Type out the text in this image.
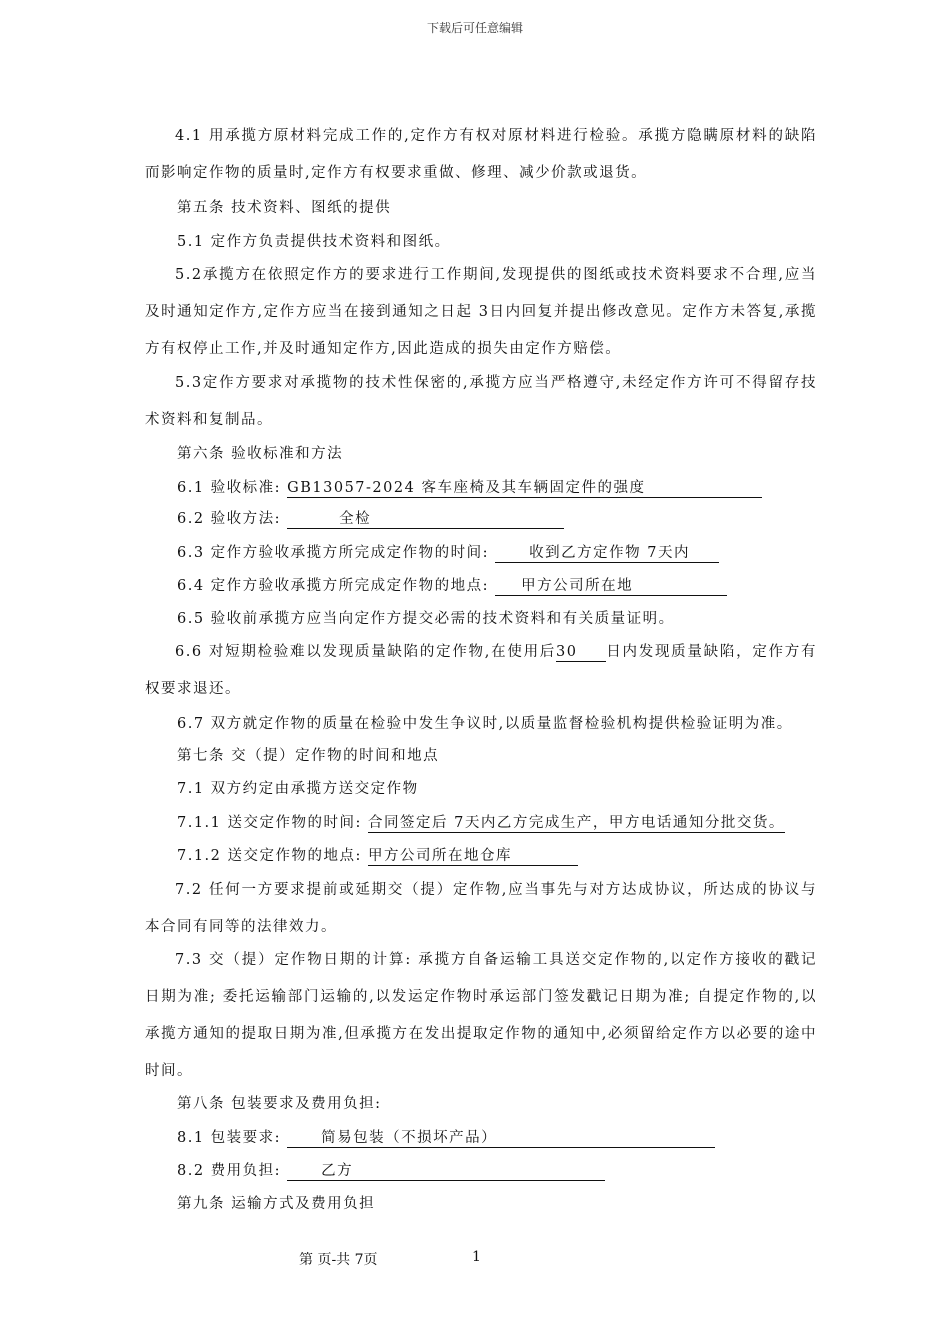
下载后可任意编辑
4.1 用承揽方原材料完成工作的,定作方有权对原材料进行检验。承揽方隐瞒原材料的缺陷而影响定作物的质量时,定作方有权要求重做、修理、减少价款或退货。
第五条 技术资料、图纸的提供
5.1 定作方负责提供技术资料和图纸。
5.2承揽方在依照定作方的要求进行工作期间,发现提供的图纸或技术资料要求不合理,应当及时通知定作方,定作方应当在接到通知之日起 3日内回复并提出修改意见。定作方未答复,承揽方有权停止工作,并及时通知定作方,因此造成的损失由定作方赔偿。
5.3定作方要求对承揽物的技术性保密的,承揽方应当严格遵守,未经定作方许可不得留存技术资料和复制品。
第六条 验收标准和方法
6.1 验收标准: GB13057-2024 客车座椅及其车辆固定件的强度
6.2 验收方法:	全检
6.3 定作方验收承揽方所完成定作物的时间: 收到乙方定作物 7天内
6.4 定作方验收承揽方所完成定作物的地点: 甲方公司所在地
6.5 验收前承揽方应当向定作方提交必需的技术资料和有关质量证明。
6.6 对短期检验难以发现质量缺陷的定作物,在使用后30 日内发现质量缺陷，定作方有权要求退还。
6.7 双方就定作物的质量在检验中发生争议时,以质量监督检验机构提供检验证明为准。
第七条 交（提）定作物的时间和地点
7.1 双方约定由承揽方送交定作物
7.1.1 送交定作物的时间: 合同签定后 7天内乙方完成生产，甲方电话通知分批交货。
7.1.2 送交定作物的地点: 甲方公司所在地仓库
7.2 任何一方要求提前或延期交（提）定作物,应当事先与对方达成协议，所达成的协议与本合同有同等的法律效力。
7.3 交（提）定作物日期的计算: 承揽方自备运输工具送交定作物的,以定作方接收的戳记日期为准; 委托运输部门运输的,以发运定作物时承运部门签发戳记日期为准; 自提定作物的,以承揽方通知的提取日期为准,但承揽方在发出提取定作物的通知中,必须留给定作方以必要的途中时间。
第八条 包装要求及费用负担:
8.1 包装要求: 简易包装（不损坏产品）
8.2 费用负担: 乙方
第九条 运输方式及费用负担
第 页-共 7页	1
